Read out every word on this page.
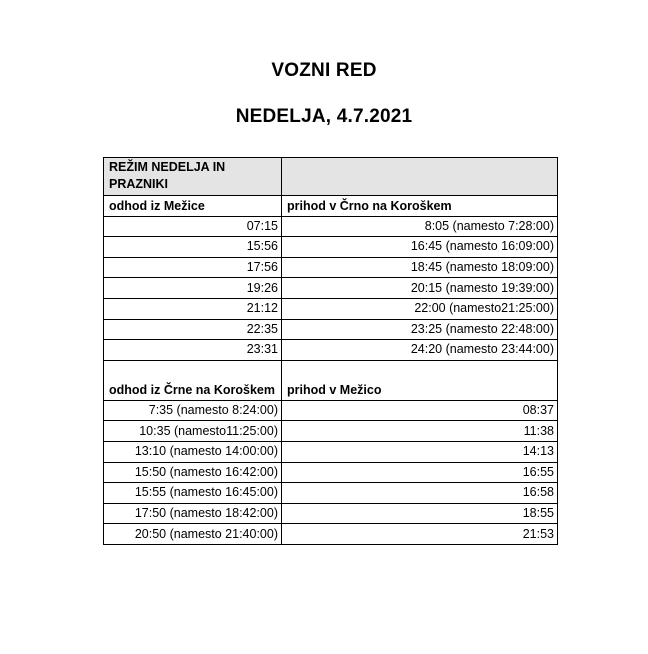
VOZNI RED
NEDELJA, 4.7.2021
REŽIM NEDELJA IN PRAZNIKI	
odhod iz Mežice	prihod v Črno na Koroškem
07:15	8:05 (namesto 7:28:00)
15:56	16:45 (namesto 16:09:00)
17:56	18:45 (namesto 18:09:00)
19:26	20:15 (namesto 19:39:00)
21:12	22:00 (namesto21:25:00)
22:35	23:25 (namesto 22:48:00)
23:31	24:20 (namesto 23:44:00)
odhod iz Črne na Koroškem	prihod v Mežico
7:35 (namesto 8:24:00)	08:37
10:35 (namesto11:25:00)	11:38
13:10 (namesto 14:00:00)	14:13
15:50 (namesto 16:42:00)	16:55
15:55 (namesto 16:45:00)	16:58
17:50 (namesto 18:42:00)	18:55
20:50 (namesto 21:40:00)	21:53
